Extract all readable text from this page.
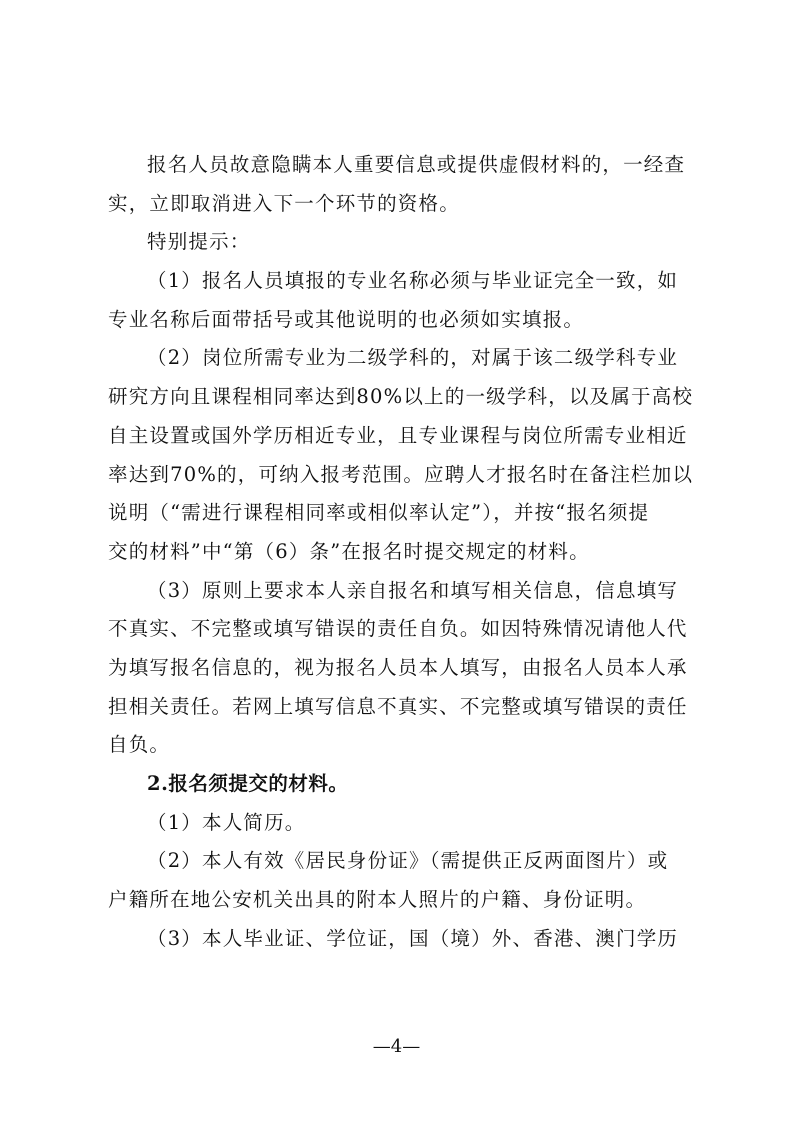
报名人员故意隐瞒本人重要信息或提供虚假材料的，一经查
实，立即取消进入下一个环节的资格。
特别提示：
（1）报名人员填报的专业名称必须与毕业证完全一致，如
专业名称后面带括号或其他说明的也必须如实填报。
（2）岗位所需专业为二级学科的，对属于该二级学科专业
研究方向且课程相同率达到80%以上的一级学科，以及属于高校
自主设置或国外学历相近专业，且专业课程与岗位所需专业相近
率达到70%的，可纳入报考范围。应聘人才报名时在备注栏加以
说明（“需进行课程相同率或相似率认定”），并按“报名须提
交的材料”中“第（6）条”在报名时提交规定的材料。
（3）原则上要求本人亲自报名和填写相关信息，信息填写
不真实、不完整或填写错误的责任自负。如因特殊情况请他人代
为填写报名信息的，视为报名人员本人填写，由报名人员本人承
担相关责任。若网上填写信息不真实、不完整或填写错误的责任
自负。
2.报名须提交的材料。
（1）本人简历。
（2）本人有效《居民身份证》（需提供正反两面图片）或
户籍所在地公安机关出具的附本人照片的户籍、身份证明。
（3）本人毕业证、学位证，国（境）外、香港、澳门学历
—4—
